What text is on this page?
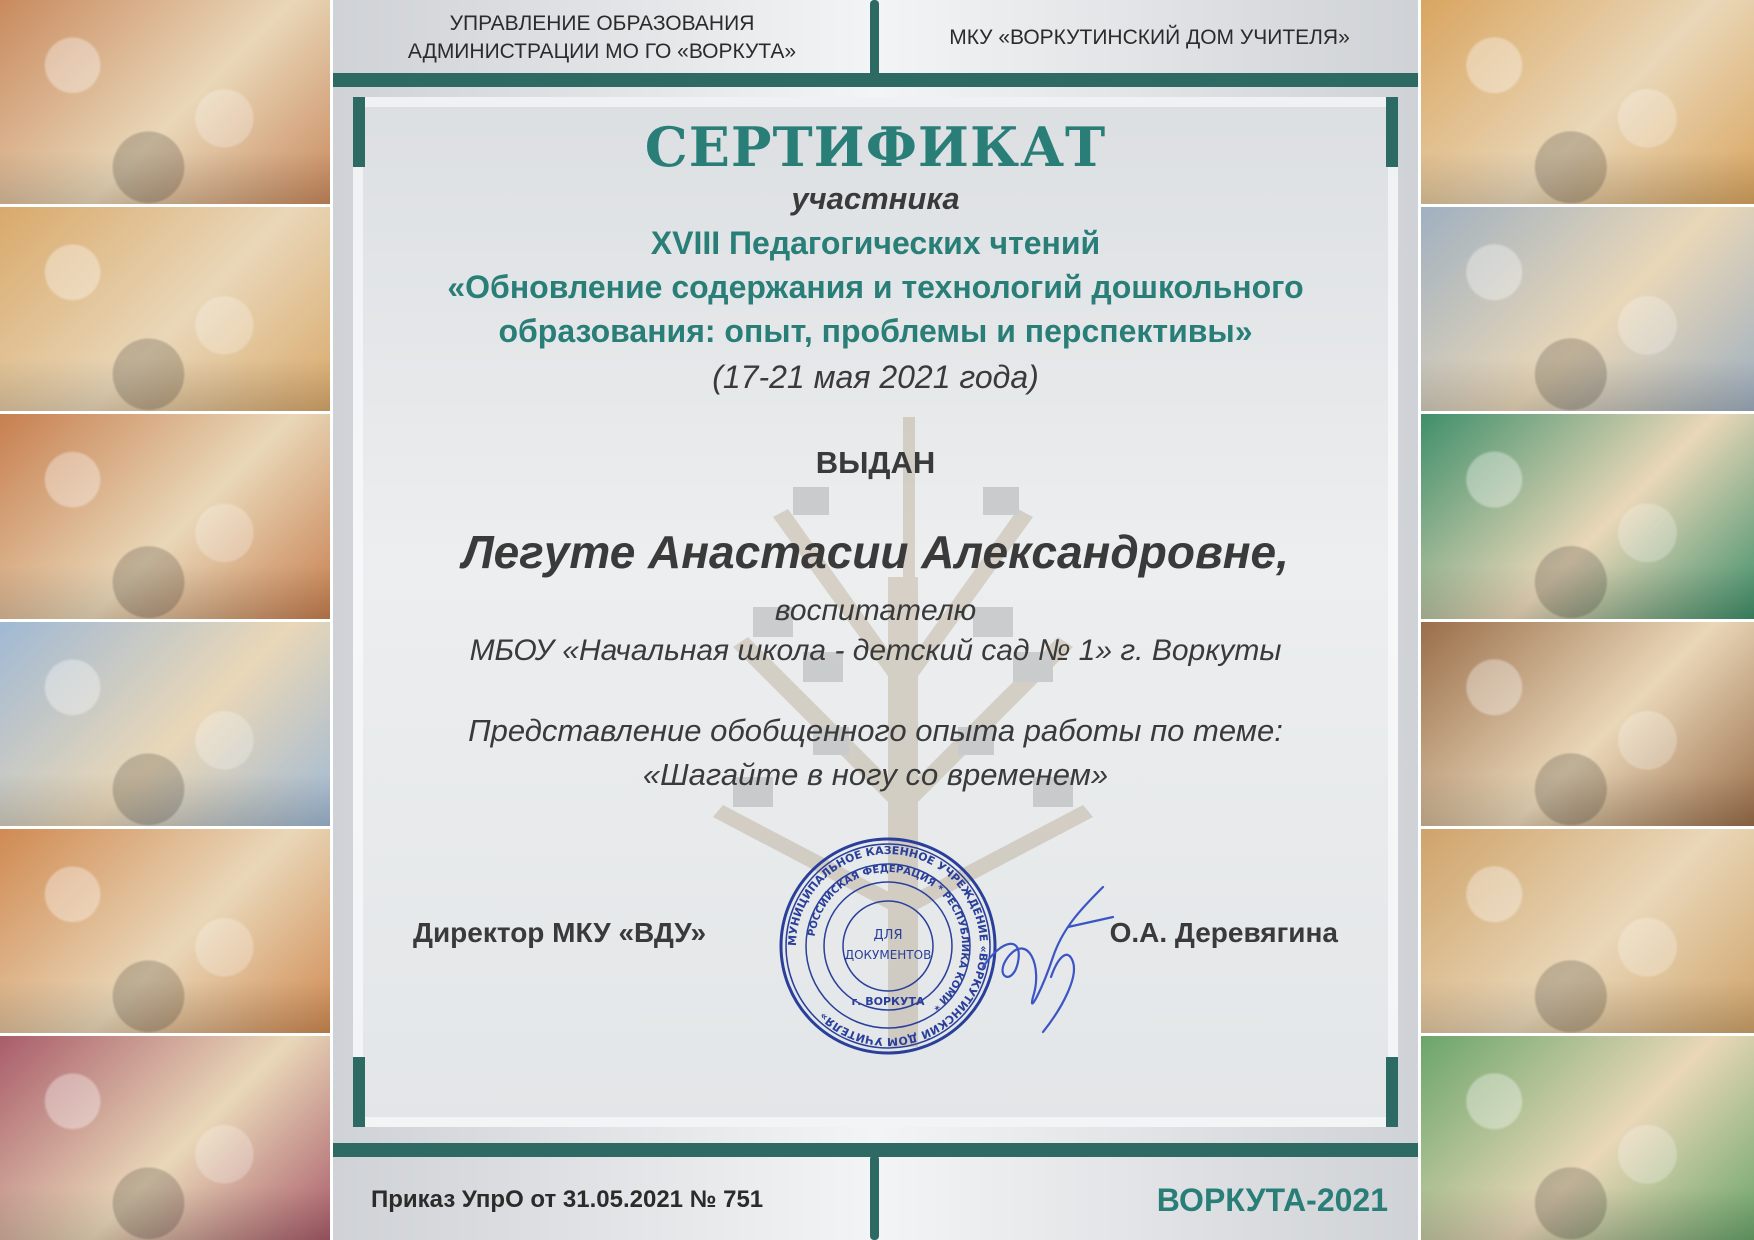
УПРАВЛЕНИЕ ОБРАЗОВАНИЯ
АДМИНИСТРАЦИИ МО ГО «ВОРКУТА»
МКУ «ВОРКУТИНСКИЙ ДОМ УЧИТЕЛЯ»
СЕРТИФИКАТ
участника
XVIII Педагогических чтений
«Обновление содержания и технологий дошкольного
образования: опыт, проблемы и перспективы»
(17-21 мая 2021 года)
ВЫДАН
Легуте Анастасии Александровне,
воспитателю
МБОУ «Начальная школа - детский сад № 1» г. Воркуты
Представление обобщенного опыта работы по теме:
«Шагайте в ногу со временем»
Директор МКУ «ВДУ»	О.А. Деревягина
МУНИЦИПАЛЬНОЕ КАЗЕННОЕ УЧРЕЖДЕНИЕ «ВОРКУТИНСКИЙ ДОМ УЧИТЕЛЯ»
РОССИЙСКАЯ ФЕДЕРАЦИЯ * РЕСПУБЛИКА КОМИ *
г. ВОРКУТА
ДЛЯ
ДОКУМЕНТОВ
Приказ УпрО от 31.05.2021 № 751	ВОРКУТА-2021
